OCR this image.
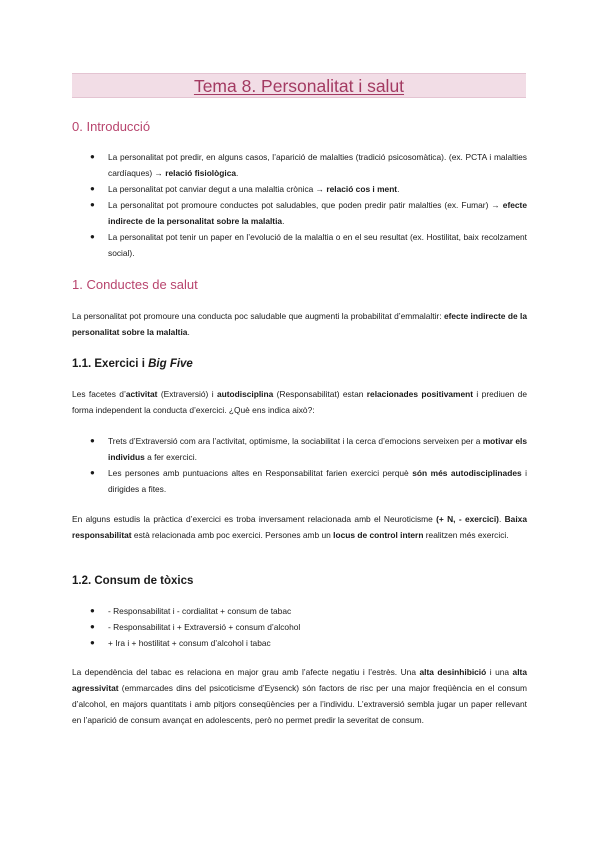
Tema 8. Personalitat i salut
0. Introducció
● La personalitat pot predir, en alguns casos, l’aparició de malalties (tradició psicosomàtica). (ex. PCTA i malalties cardíaques) → relació fisiològica.
● La personalitat pot canviar degut a una malaltia crònica → relació cos i ment.
● La personalitat pot promoure conductes pot saludables, que poden predir patir malalties (ex. Fumar) → efecte indirecte de la personalitat sobre la malaltia.
● La personalitat pot tenir un paper en l’evolució de la malaltia o en el seu resultat (ex. Hostilitat, baix recolzament social).
1. Conductes de salut

La personalitat pot promoure una conducta poc saludable que augmenti la probabilitat d’emmalaltir: efecte indirecte de la personalitat sobre la malaltia.

1.1. Exercici i Big Five

Les facetes d’activitat (Extraversió) i autodisciplina (Responsabilitat) estan relacionades positivament i prediuen de forma independent la conducta d’exercici. ¿Què ens indica això?:

● Trets d’Extraversió com ara l’activitat, optimisme, la sociabilitat i la cerca d’emocions serveixen per a motivar els individus a fer exercici.
● Les persones amb puntuacions altes en Responsabilitat farien exercici perquè són més autodisciplinades i dirigides a fites.

En alguns estudis la pràctica d’exercici es troba inversament relacionada amb el Neuroticisme (+ N, - exercici). Baixa responsabilitat està relacionada amb poc exercici. Persones amb un locus de control intern realitzen més exercici.

1.2. Consum de tòxics
● - Responsabilitat i - cordialitat + consum de tabac
● - Responsabilitat i + Extraversió + consum d’alcohol
● + Ira i + hostilitat + consum d’alcohol i tabac

La dependència del tabac es relaciona en major grau amb l’afecte negatiu i l’estrès. Una alta desinhibició i una alta agressivitat (emmarcades dins del psicoticisme d’Eysenck) són factors de risc per una major freqüència en el consum d’alcohol, en majors quantitats i amb pitjors conseqüències per a l’individu. L’extraversió sembla jugar un paper rellevant en l’aparició de consum avançat en adolescents, però no permet predir la severitat de consum.
